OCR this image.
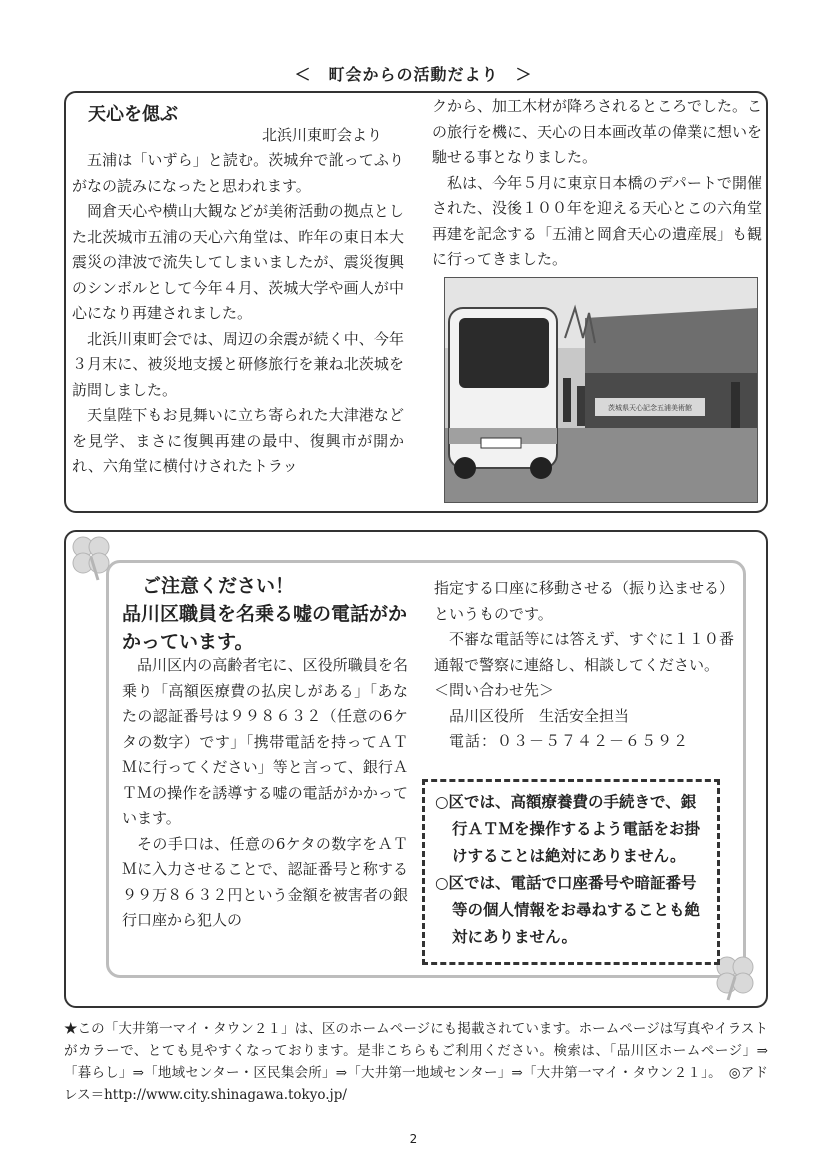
＜　町会からの活動だより　＞
天心を偲ぶ
北浜川東町会より

五浦は「いずら」と読む。茨城弁で訛ってふりがなの読みになったと思われます。

岡倉天心や横山大観などが美術活動の拠点とした北茨城市五浦の天心六角堂は、昨年の東日本大震災の津波で流失してしまいましたが、震災復興のシンボルとして今年４月、茨城大学や画人が中心になり再建されました。

北浜川東町会では、周辺の余震が続く中、今年３月末に、被災地支援と研修旅行を兼ね北茨城を訪問しました。

天皇陛下もお見舞いに立ち寄られた大津港などを見学、まさに復興再建の最中、復興市が開かれ、六角堂に横付けされたトラッ

クから、加工木材が降ろされるところでした。この旅行を機に、天心の日本画改革の偉業に想いを馳せる事となりました。

私は、今年５月に東京日本橋のデパートで開催された、没後１００年を迎える天心とこの六角堂再建を記念する「五浦と岡倉天心の遺産展」も観に行ってきました。

茨城県天心記念五浦美術館
ご注意ください！
品川区職員を名乗る嘘の電話がかかっています。

品川区内の高齢者宅に、区役所職員を名乗り「高額医療費の払戻しがある」「あなたの認証番号は９９８６３２（任意の6ケタの数字）です」「携帯電話を持ってＡＴＭに行ってください」等と言って、銀行ＡＴＭの操作を誘導する嘘の電話がかかっています。

その手口は、任意の6ケタの数字をＡＴＭに入力させることで、認証番号と称する９９万８６３２円という金額を被害者の銀行口座から犯人の

指定する口座に移動させる（振り込ませる）というものです。

不審な電話等には答えず、すぐに１１０番通報で警察に連絡し、相談してください。

＜問い合わせ先＞
品川区役所　生活安全担当
電話：０３－５７４２－６５９２

○区では、高額療養費の手続きで、銀行ＡＴＭを操作するよう電話をお掛けすることは絶対にありません。

○区では、電話で口座番号や暗証番号等の個人情報をお尋ねすることも絶対にありません。

★この「大井第一マイ・タウン２１」は、区のホームページにも掲載されています。ホームページは写真やイラストがカラーで、とても見やすくなっております。是非こちらもご利用ください。検索は、「品川区ホームページ」⇒「暮らし」⇒「地域センター・区民集会所」⇒「大井第一地域センター」⇒「大井第一マイ・タウン２１」。　◎アドレス＝http://www.city.shinagawa.tokyo.jp/

2
